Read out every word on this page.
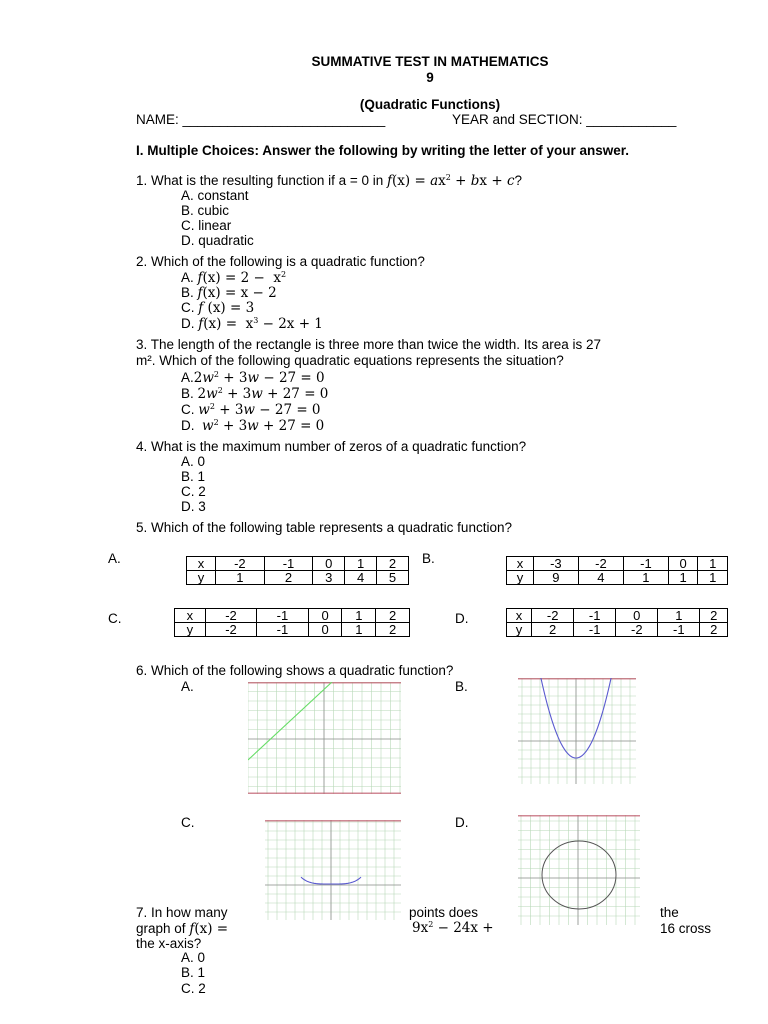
SUMMATIVE TEST IN MATHEMATICS
9
(Quadratic Functions)
NAME: ___________________________	YEAR and SECTION: ____________
I. Multiple Choices: Answer the following by writing the letter of your answer.
1. What is the resulting function if a = 0 in $f(x) = ax^2$ + bx + c?
A. constant
B. cubic
C. linear
D. quadratic
2. Which of the following is a quadratic function?
A. $f(x) = 2 - x^2$
B. f(x) = x − 2
C. f (x) = 3
D. $f(x) = x^3 - 2x + 1$
3. The length of the rectangle is three more than twice the width. Its area is 27
m². Which of the following quadratic equations represents the situation?
$A.2w^2 + 3w - 27 = 0$
B. $2w^2 + 3w + 27 = 0$
C. $w^2 + 3w - 27 = 0$
D. $w^2 + 3w + 27 = 0$
4. What is the maximum number of zeros of a quadratic function?
A. 0
B. 1
C. 2
D. 3
5. Which of the following table represents a quadratic function?
A.	B.
C.	D.
x	-2	-1	0	1	2
y	1	2	3	4	5
x	-3	-2	-1	0	1
y	9	4	1	1	1
x	-2	-1	0	1	2
y	-2	-1	0	1	2
x	-2	-1	0	1	2
y	2	-1	-2	-1	2
6. Which of the following shows a quadratic function?
A.	B.
C.	D.
7. In how many	points does	the
graph of f(x) =	$9x^2 - 24x$ +	16 cross
the x-axis?
A. 0
B. 1
C. 2
